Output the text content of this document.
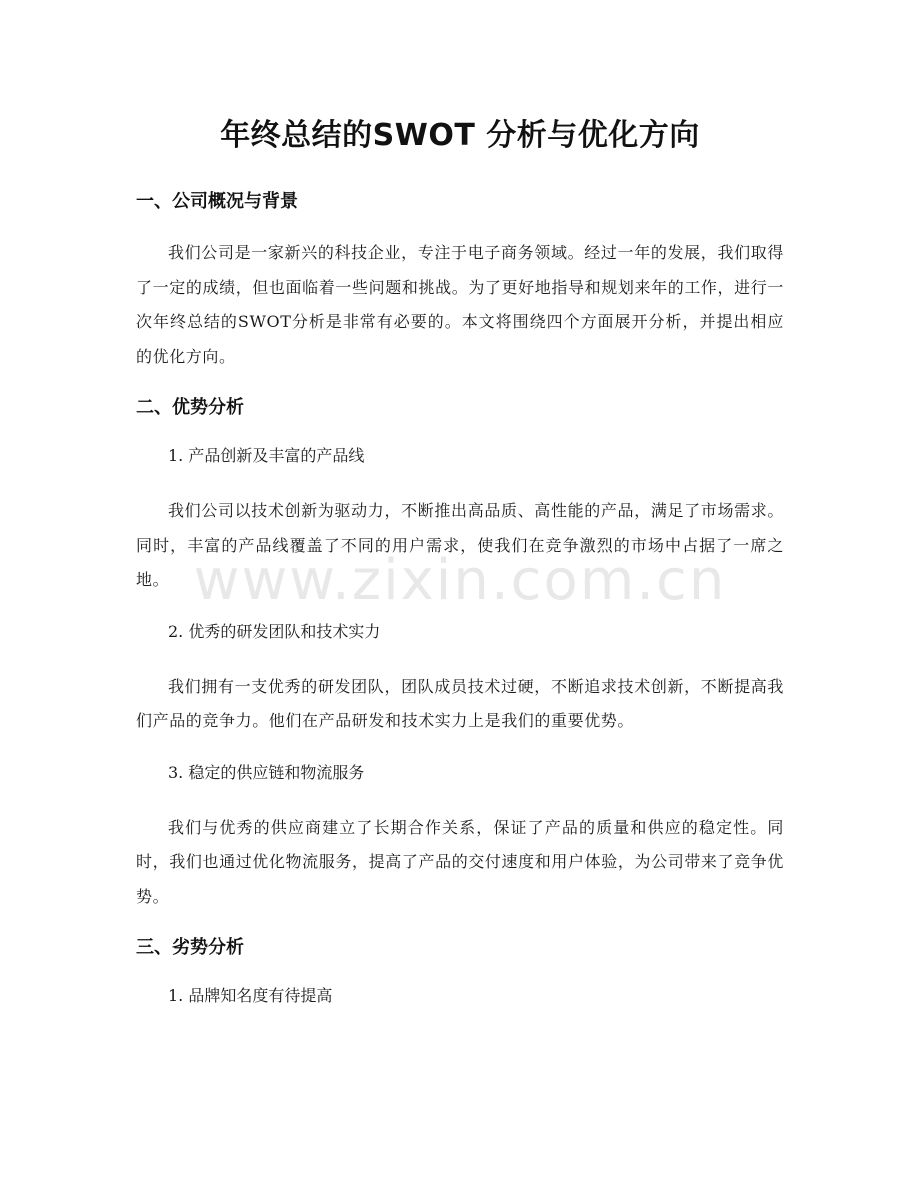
年终总结的SWOT 分析与优化方向
www.zixin.com.cn
一、公司概况与背景

我们公司是一家新兴的科技企业，专注于电子商务领域。经过一年的发展，我们取得了一定的成绩，但也面临着一些问题和挑战。为了更好地指导和规划来年的工作，进行一次年终总结的SWOT分析是非常有必要的。本文将围绕四个方面展开分析，并提出相应的优化方向。

二、优势分析
1. 产品创新及丰富的产品线

我们公司以技术创新为驱动力，不断推出高品质、高性能的产品，满足了市场需求。同时，丰富的产品线覆盖了不同的用户需求，使我们在竞争激烈的市场中占据了一席之地。

2. 优秀的研发团队和技术实力

我们拥有一支优秀的研发团队，团队成员技术过硬，不断追求技术创新，不断提高我们产品的竞争力。他们在产品研发和技术实力上是我们的重要优势。

3. 稳定的供应链和物流服务

我们与优秀的供应商建立了长期合作关系，保证了产品的质量和供应的稳定性。同时，我们也通过优化物流服务，提高了产品的交付速度和用户体验，为公司带来了竞争优势。

三、劣势分析
1. 品牌知名度有待提高
